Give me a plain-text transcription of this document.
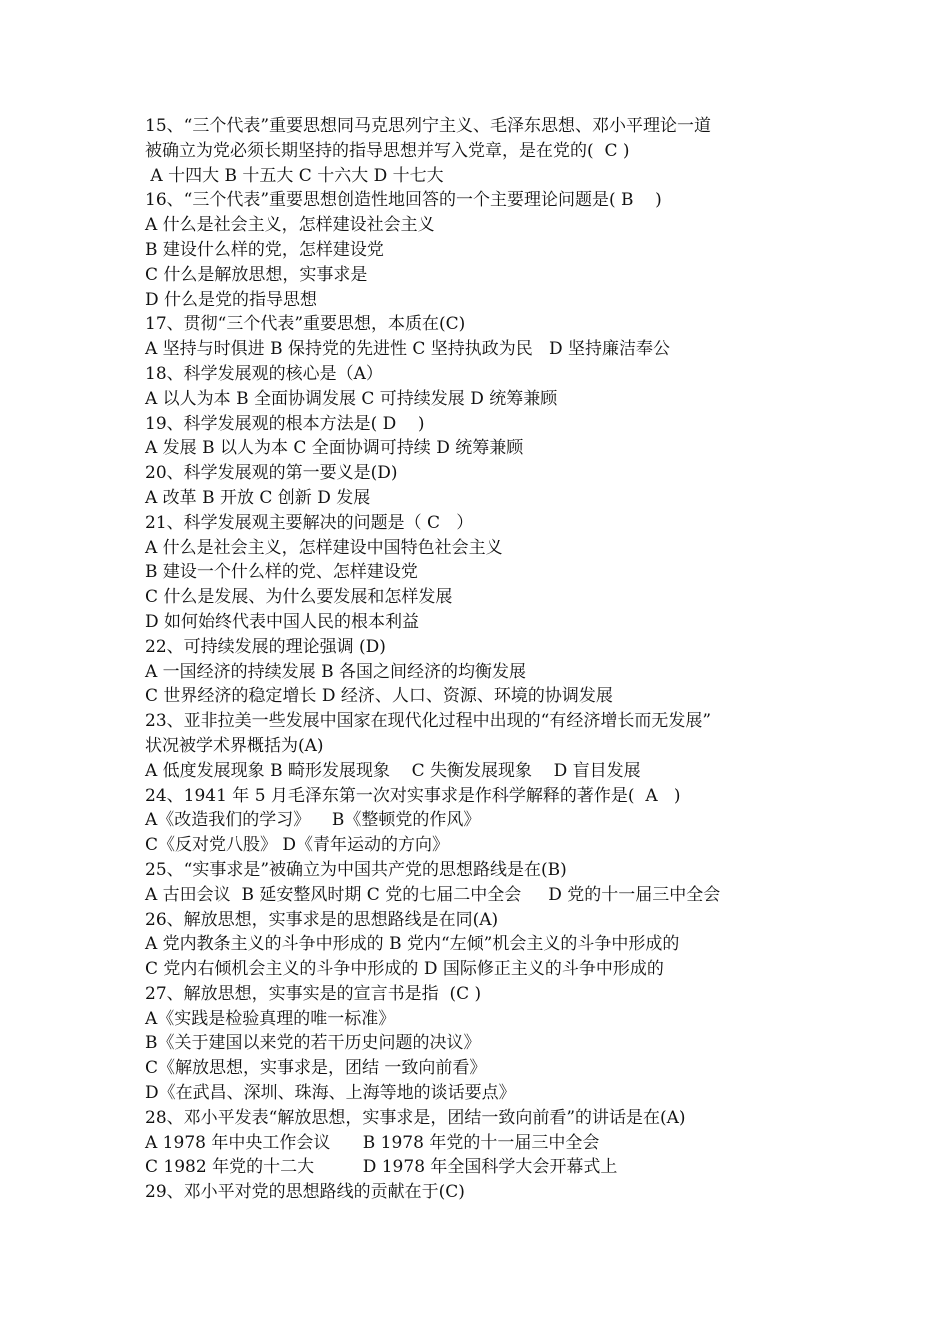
15、“三个代表”重要思想同马克思列宁主义、毛泽东思想、邓小平理论一道
被确立为党必须长期坚持的指导思想并写入党章，是在党的(  C )
A 十四大 B 十五大 C 十六大 D 十七大
16、“三个代表”重要思想创造性地回答的一个主要理论问题是( B    )
A 什么是社会主义，怎样建设社会主义
B 建设什么样的党，怎样建设党
C 什么是解放思想，实事求是
D 什么是党的指导思想
17、贯彻“三个代表”重要思想，本质在(C)
A 坚持与时俱进 B 保持党的先进性 C 坚持执政为民   D 坚持廉洁奉公
18、科学发展观的核心是（A）
A 以人为本 B 全面协调发展 C 可持续发展 D 统筹兼顾
19、科学发展观的根本方法是( D    )
A 发展 B 以人为本 C 全面协调可持续 D 统筹兼顾
20、科学发展观的第一要义是(D)
A 改革 B 开放 C 创新 D 发展
21、科学发展观主要解决的问题是（ C   ）
A 什么是社会主义，怎样建设中国特色社会主义
B 建设一个什么样的党、怎样建设党
C 什么是发展、为什么要发展和怎样发展
D 如何始终代表中国人民的根本利益
22、可持续发展的理论强调 (D)
A 一国经济的持续发展 B 各国之间经济的均衡发展
C 世界经济的稳定增长 D 经济、人口、资源、环境的协调发展
23、亚非拉美一些发展中国家在现代化过程中出现的“有经济增长而无发展”
状况被学术界概括为(A)
A 低度发展现象 B 畸形发展现象    C 失衡发展现象    D 盲目发展
24、1941 年 5 月毛泽东第一次对实事求是作科学解释的著作是(  A   )
A《改造我们的学习》    B《整顿党的作风》
C《反对党八股》 D《青年运动的方向》
25、“实事求是”被确立为中国共产党的思想路线是在(B)
A 古田会议  B 延安整风时期 C 党的七届二中全会     D 党的十一届三中全会
26、解放思想，实事求是的思想路线是在同(A)
A 党内教条主义的斗争中形成的 B 党内“左倾”机会主义的斗争中形成的
C 党内右倾机会主义的斗争中形成的 D 国际修正主义的斗争中形成的
27、解放思想，实事实是的宣言书是指  (C )
A《实践是检验真理的唯一标准》
B《关于建国以来党的若干历史问题的决议》
C《解放思想，实事求是，团结 一致向前看》
D《在武昌、深圳、珠海、上海等地的谈话要点》
28、邓小平发表“解放思想，实事求是，团结一致向前看”的讲话是在(A)
A 1978 年中央工作会议      B 1978 年党的十一届三中全会
C 1982 年党的十二大         D 1978 年全国科学大会开幕式上
29、邓小平对党的思想路线的贡献在于(C)
